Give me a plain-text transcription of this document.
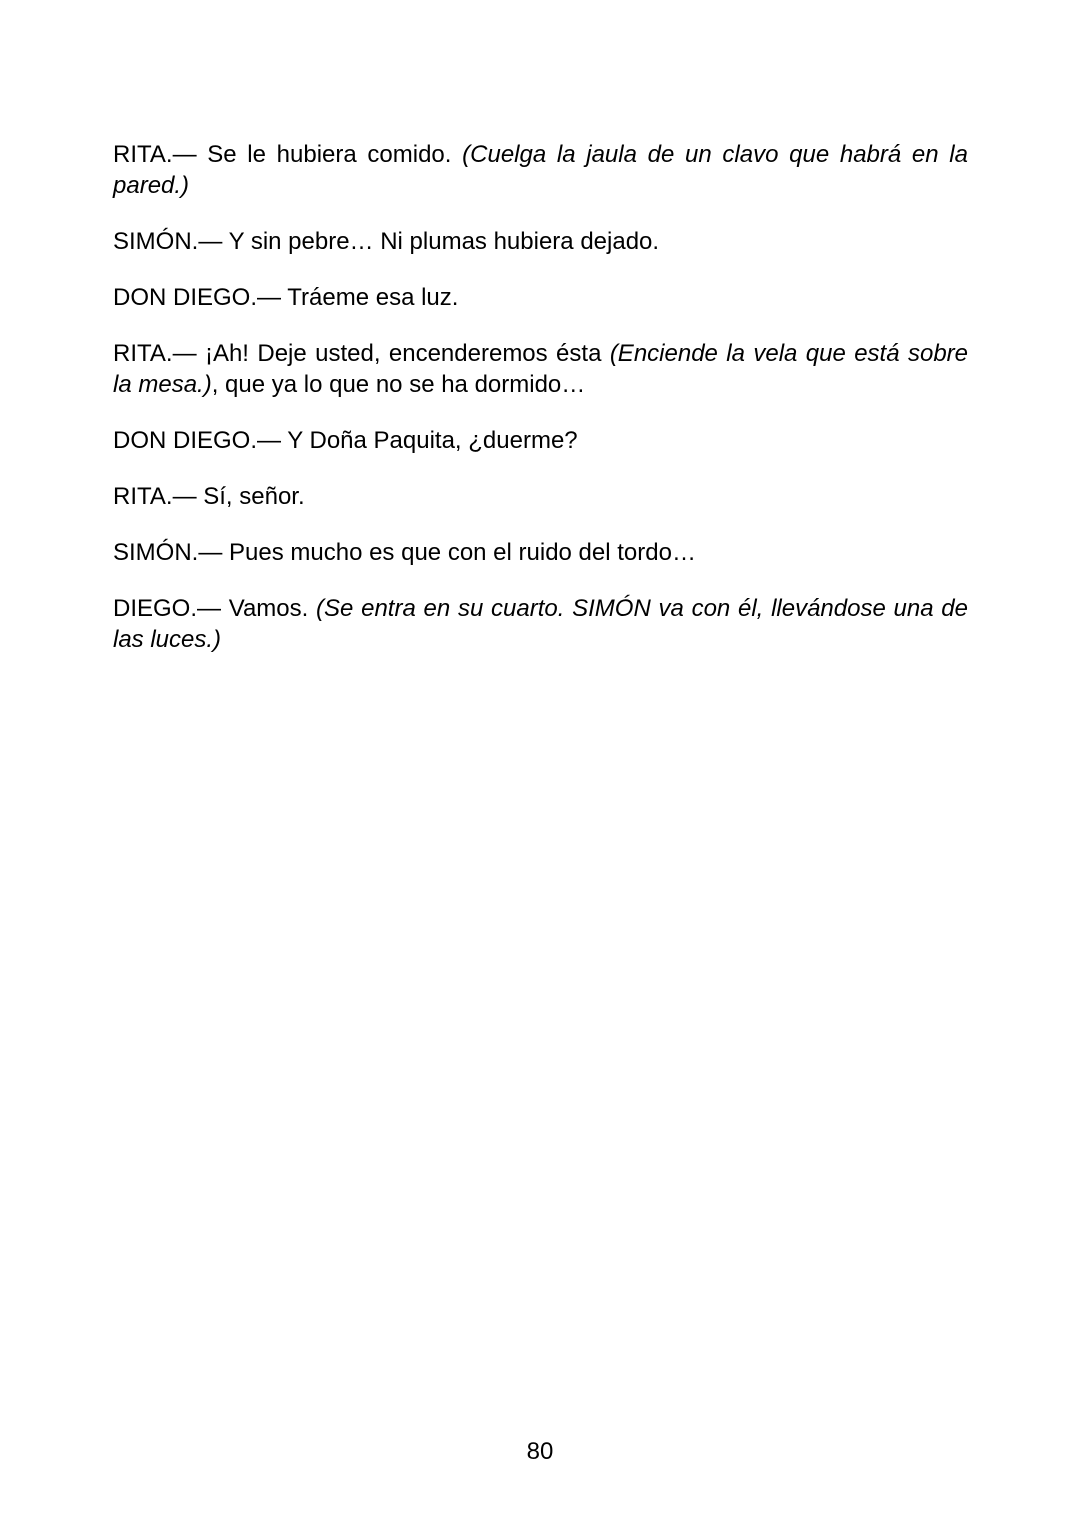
RITA.— Se le hubiera comido. (Cuelga la jaula de un clavo que habrá en la pared.)

SIMÓN.— Y sin pebre… Ni plumas hubiera dejado.

DON DIEGO.— Tráeme esa luz.

RITA.— ¡Ah! Deje usted, encenderemos ésta (Enciende la vela que está sobre la mesa.), que ya lo que no se ha dormido…

DON DIEGO.— Y Doña Paquita, ¿duerme?

RITA.— Sí, señor.

SIMÓN.— Pues mucho es que con el ruido del tordo…

DIEGO.— Vamos. (Se entra en su cuarto. SIMÓN va con él, llevándose una de las luces.)

80
